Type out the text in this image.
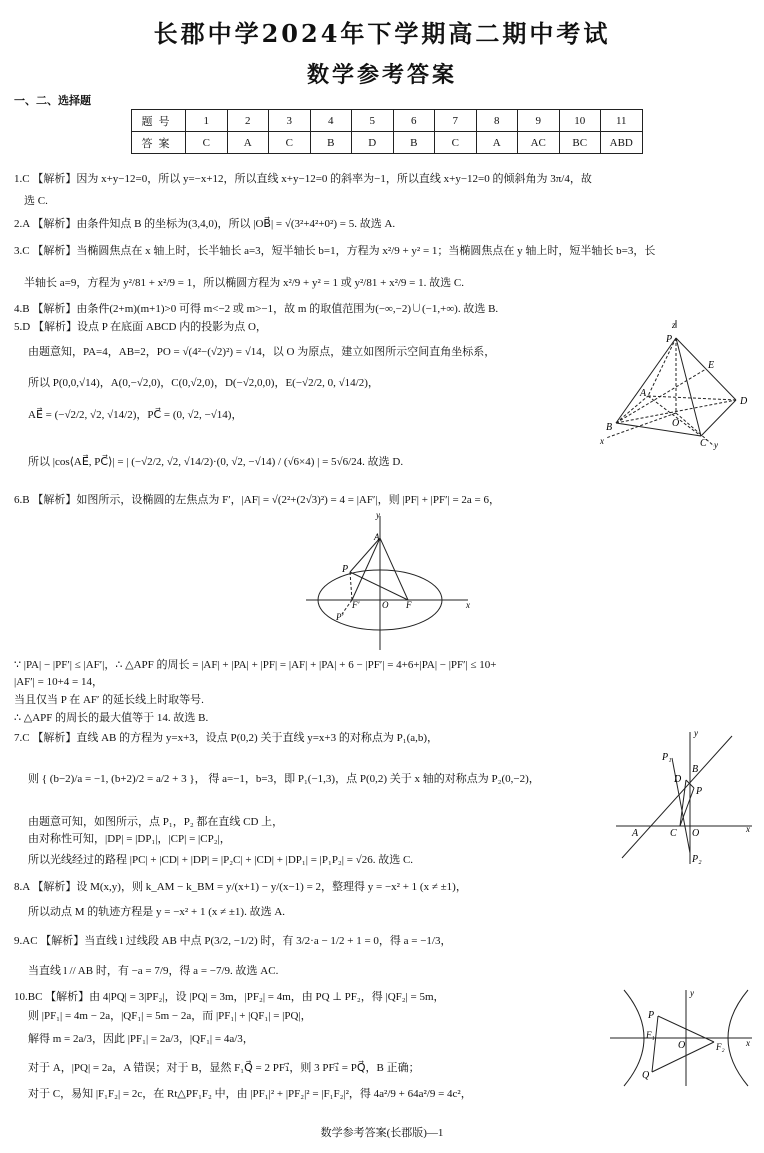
长郡中学2024年下学期高二期中考试
数学参考答案
一、二、选择题
题号	1	2	3	4	5	6	7	8	9	10	11
答案	C	A	C	B	D	B	C	A	AC	BC	ABD
1.C 【解析】因为 x+y−12=0，所以 y=−x+12，所以直线 x+y−12=0 的斜率为−1，所以直线 x+y−12=0 的倾斜角为 3π/4，故
选 C.
2.A 【解析】由条件知点 B 的坐标为(3,4,0)，所以 |OB⃗| = √(3²+4²+0²) = 5. 故选 A.
3.C 【解析】当椭圆焦点在 x 轴上时，长半轴长 a=3，短半轴长 b=1，方程为 x²/9 + y² = 1；当椭圆焦点在 y 轴上时，短半轴长 b=3，长
半轴长 a=9，方程为 y²/81 + x²/9 = 1，所以椭圆方程为 x²/9 + y² = 1 或 y²/81 + x²/9 = 1. 故选 C.
4.B 【解析】由条件(2+m)(m+1)>0 可得 m<−2 或 m>−1，故 m 的取值范围为(−∞,−2)∪(−1,+∞). 故选 B.
5.D 【解析】设点 P 在底面 ABCD 内的投影为点 O，
由题意知，PA=4，AB=2，PO = √(4²−(√2)²) = √14，以 O 为原点，建立如图所示空间直角坐标系，
所以 P(0,0,√14)，A(0,−√2,0)，C(0,√2,0)，D(−√2,0,0)，E(−√2/2, 0, √14/2)，
AE⃗ = (−√2/2, √2, √14/2)，PC⃗ = (0, √2, −√14)，
所以 |cos⟨AE⃗, PC⃗⟩| = | (−√2/2, √2, √14/2)·(0, √2, −√14) / (√6×4) | = 5√6/24. 故选 D.
6.B 【解析】如图所示，设椭圆的左焦点为 F′，|AF| = √(2²+(2√3)²) = 4 = |AF′|，则 |PF| + |PF′| = 2a = 6，
∵ |PA| − |PF′| ≤ |AF′|，∴ △APF 的周长 = |AF| + |PA| + |PF| = |AF| + |PA| + 6 − |PF′| = 4+6+|PA| − |PF′| ≤ 10+
|AF′| = 10+4 = 14，
当且仅当 P 在 AF′ 的延长线上时取等号.
∴ △APF 的周长的最大值等于 14. 故选 B.
7.C 【解析】直线 AB 的方程为 y=x+3，设点 P(0,2) 关于直线 y=x+3 的对称点为 P₁(a,b)，
则 { (b−2)/a = −1, (b+2)/2 = a/2 + 3 }， 得 a=−1，b=3，即 P₁(−1,3)，点 P(0,2) 关于 x 轴的对称点为 P₂(0,−2)，
由题意可知，如图所示，点 P₁，P₂ 都在直线 CD 上，
由对称性可知，|DP| = |DP₁|，|CP| = |CP₂|，
所以光线经过的路程 |PC| + |CD| + |DP| = |P₂C| + |CD| + |DP₁| = |P₁P₂| = √26. 故选 C.
8.A 【解析】设 M(x,y)，则 k_AM − k_BM = y/(x+1) − y/(x−1) = 2，整理得 y = −x² + 1 (x ≠ ±1)，
所以动点 M 的轨迹方程是 y = −x² + 1 (x ≠ ±1). 故选 A.
9.AC 【解析】当直线 l 过线段 AB 中点 P(3/2, −1/2) 时，有 3/2·a − 1/2 + 1 = 0，得 a = −1/3，
当直线 l // AB 时，有 −a = 7/9，得 a = −7/9. 故选 AC.
10.BC 【解析】由 4|PQ| = 3|PF₂|，设 |PQ| = 3m，|PF₂| = 4m，由 PQ ⊥ PF₂，得 |QF₂| = 5m，
则 |PF₁| = 4m − 2a，|QF₁| = 5m − 2a，而 |PF₁| + |QF₁| = |PQ|，
解得 m = 2a/3，因此 |PF₁| = 2a/3，|QF₁| = 4a/3，
对于 A，|PQ| = 2a，A 错误；对于 B，显然 F₁Q⃗ = 2 PF₁⃗，则 3 PF₁⃗ = PQ⃗，B 正确；
对于 C，易知 |F₁F₂| = 2c，在 Rt△PF₁F₂ 中，由 |PF₁|² + |PF₂|² = |F₁F₂|²，得 4a²/9 + 64a²/9 = 4c²，
z
P
E
D
O
B
C
A
y
x
y
A
P
F′	O F	x
P′
y
x
B
D
P
A	C O
P₁
P₂
y
x
P
O
F₁
F₂
Q
数学参考答案(长郡版)—1
